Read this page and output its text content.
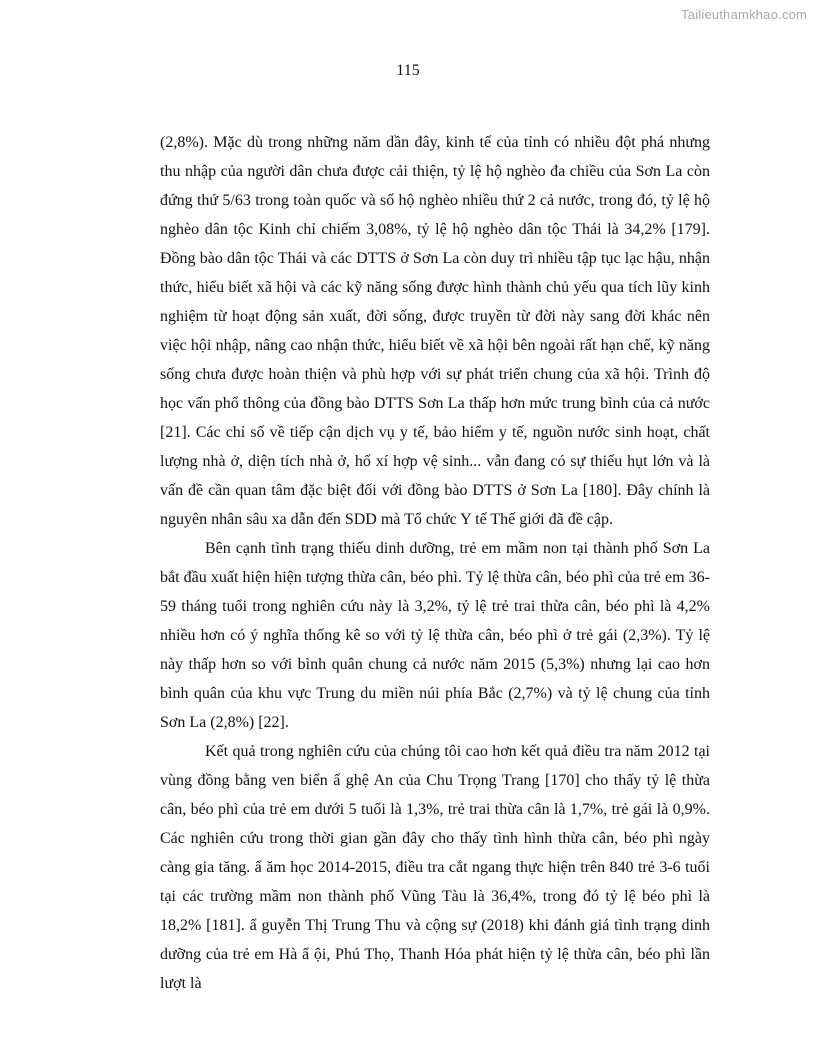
Tailieuthamkhao.com
115

(2,8%). Mặc dù trong những năm dần đây, kinh tế của tỉnh có nhiều đột phá nhưng thu nhập của người dân chưa được cải thiện, tỷ lệ hộ nghèo đa chiều của Sơn La còn đứng thứ 5/63 trong toàn quốc và số hộ nghèo nhiều thứ 2 cả nước, trong đó, tỷ lệ hộ nghèo dân tộc Kinh chỉ chiếm 3,08%, tỷ lệ hộ nghèo dân tộc Thái là 34,2% [179]. Đồng bào dân tộc Thái và các DTTS ở Sơn La còn duy trì nhiều tập tục lạc hậu, nhận thức, hiểu biết xã hội và các kỹ năng sống được hình thành chủ yếu qua tích lũy kinh nghiệm từ hoạt động sản xuất, đời sống, được truyền từ đời này sang đời khác nên việc hội nhập, nâng cao nhận thức, hiểu biết về xã hội bên ngoài rất hạn chế, kỹ năng sống chưa được hoàn thiện và phù hợp với sự phát triển chung của xã hội. Trình độ học vấn phổ thông của đồng bào DTTS Sơn La thấp hơn mức trung bình của cả nước [21]. Các chỉ số về tiếp cận dịch vụ y tế, bảo hiểm y tế, nguồn nước sinh hoạt, chất lượng nhà ở, diện tích nhà ở, hố xí hợp vệ sinh... vẫn đang có sự thiếu hụt lớn và là vấn đề cần quan tâm đặc biệt đối với đồng bào DTTS ở Sơn La [180]. Đây chính là nguyên nhân sâu xa dẫn đến SDD mà Tổ chức Y tế Thế giới đã đề cập.

Bên cạnh tình trạng thiếu dinh dưỡng, trẻ em mầm non tại thành phố Sơn La bắt đầu xuất hiện hiện tượng thừa cân, béo phì. Tỷ lệ thừa cân, béo phì của trẻ em 36-59 tháng tuổi trong nghiên cứu này là 3,2%, tỷ lệ trẻ trai thừa cân, béo phì là 4,2% nhiều hơn có ý nghĩa thống kê so với tỷ lệ thừa cân, béo phì ở trẻ gái (2,3%). Tỷ lệ này thấp hơn so với bình quân chung cả nước năm 2015 (5,3%) nhưng lại cao hơn bình quân của khu vực Trung du miền núi phía Bắc (2,7%) và tỷ lệ chung của tỉnh Sơn La (2,8%) [22].

Kết quả trong nghiên cứu của chúng tôi cao hơn kết quả điều tra năm 2012 tại vùng đồng bằng ven biển ẩ ghệ An của Chu Trọng Trang [170] cho thấy tỷ lệ thừa cân, béo phì của trẻ em dưới 5 tuổi là 1,3%, trẻ trai thừa cân là 1,7%, trẻ gái là 0,9%. Các nghiên cứu trong thời gian gần đây cho thấy tình hình thừa cân, béo phì ngày càng gia tăng. ẩ ăm học 2014-2015, điều tra cắt ngang thực hiện trên 840 trẻ 3-6 tuổi tại các trường mầm non thành phố Vũng Tàu là 36,4%, trong đó tỷ lệ béo phì là 18,2% [181]. ẩ guyễn Thị Trung Thu và cộng sự (2018) khi đánh giá tình trạng dinh dưỡng của trẻ em Hà ẩ ội, Phú Thọ, Thanh Hóa phát hiện tỷ lệ thừa cân, béo phì lần lượt là
